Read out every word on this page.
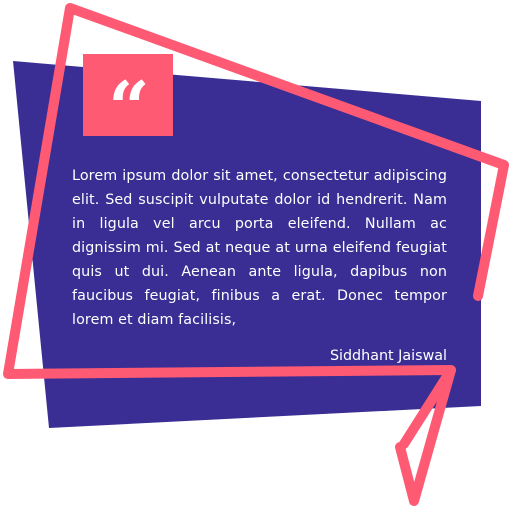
“

Lorem ipsum dolor sit amet, consectetur adipiscing elit. Sed suscipit vulputate dolor id hendrerit. Nam in ligula vel arcu porta eleifend. Nullam ac dignissim mi. Sed at neque at urna eleifend feugiat quis ut dui. Aenean ante ligula, dapibus non faucibus feugiat, finibus a erat. Donec tempor lorem et diam facilisis,

Siddhant Jaiswal
